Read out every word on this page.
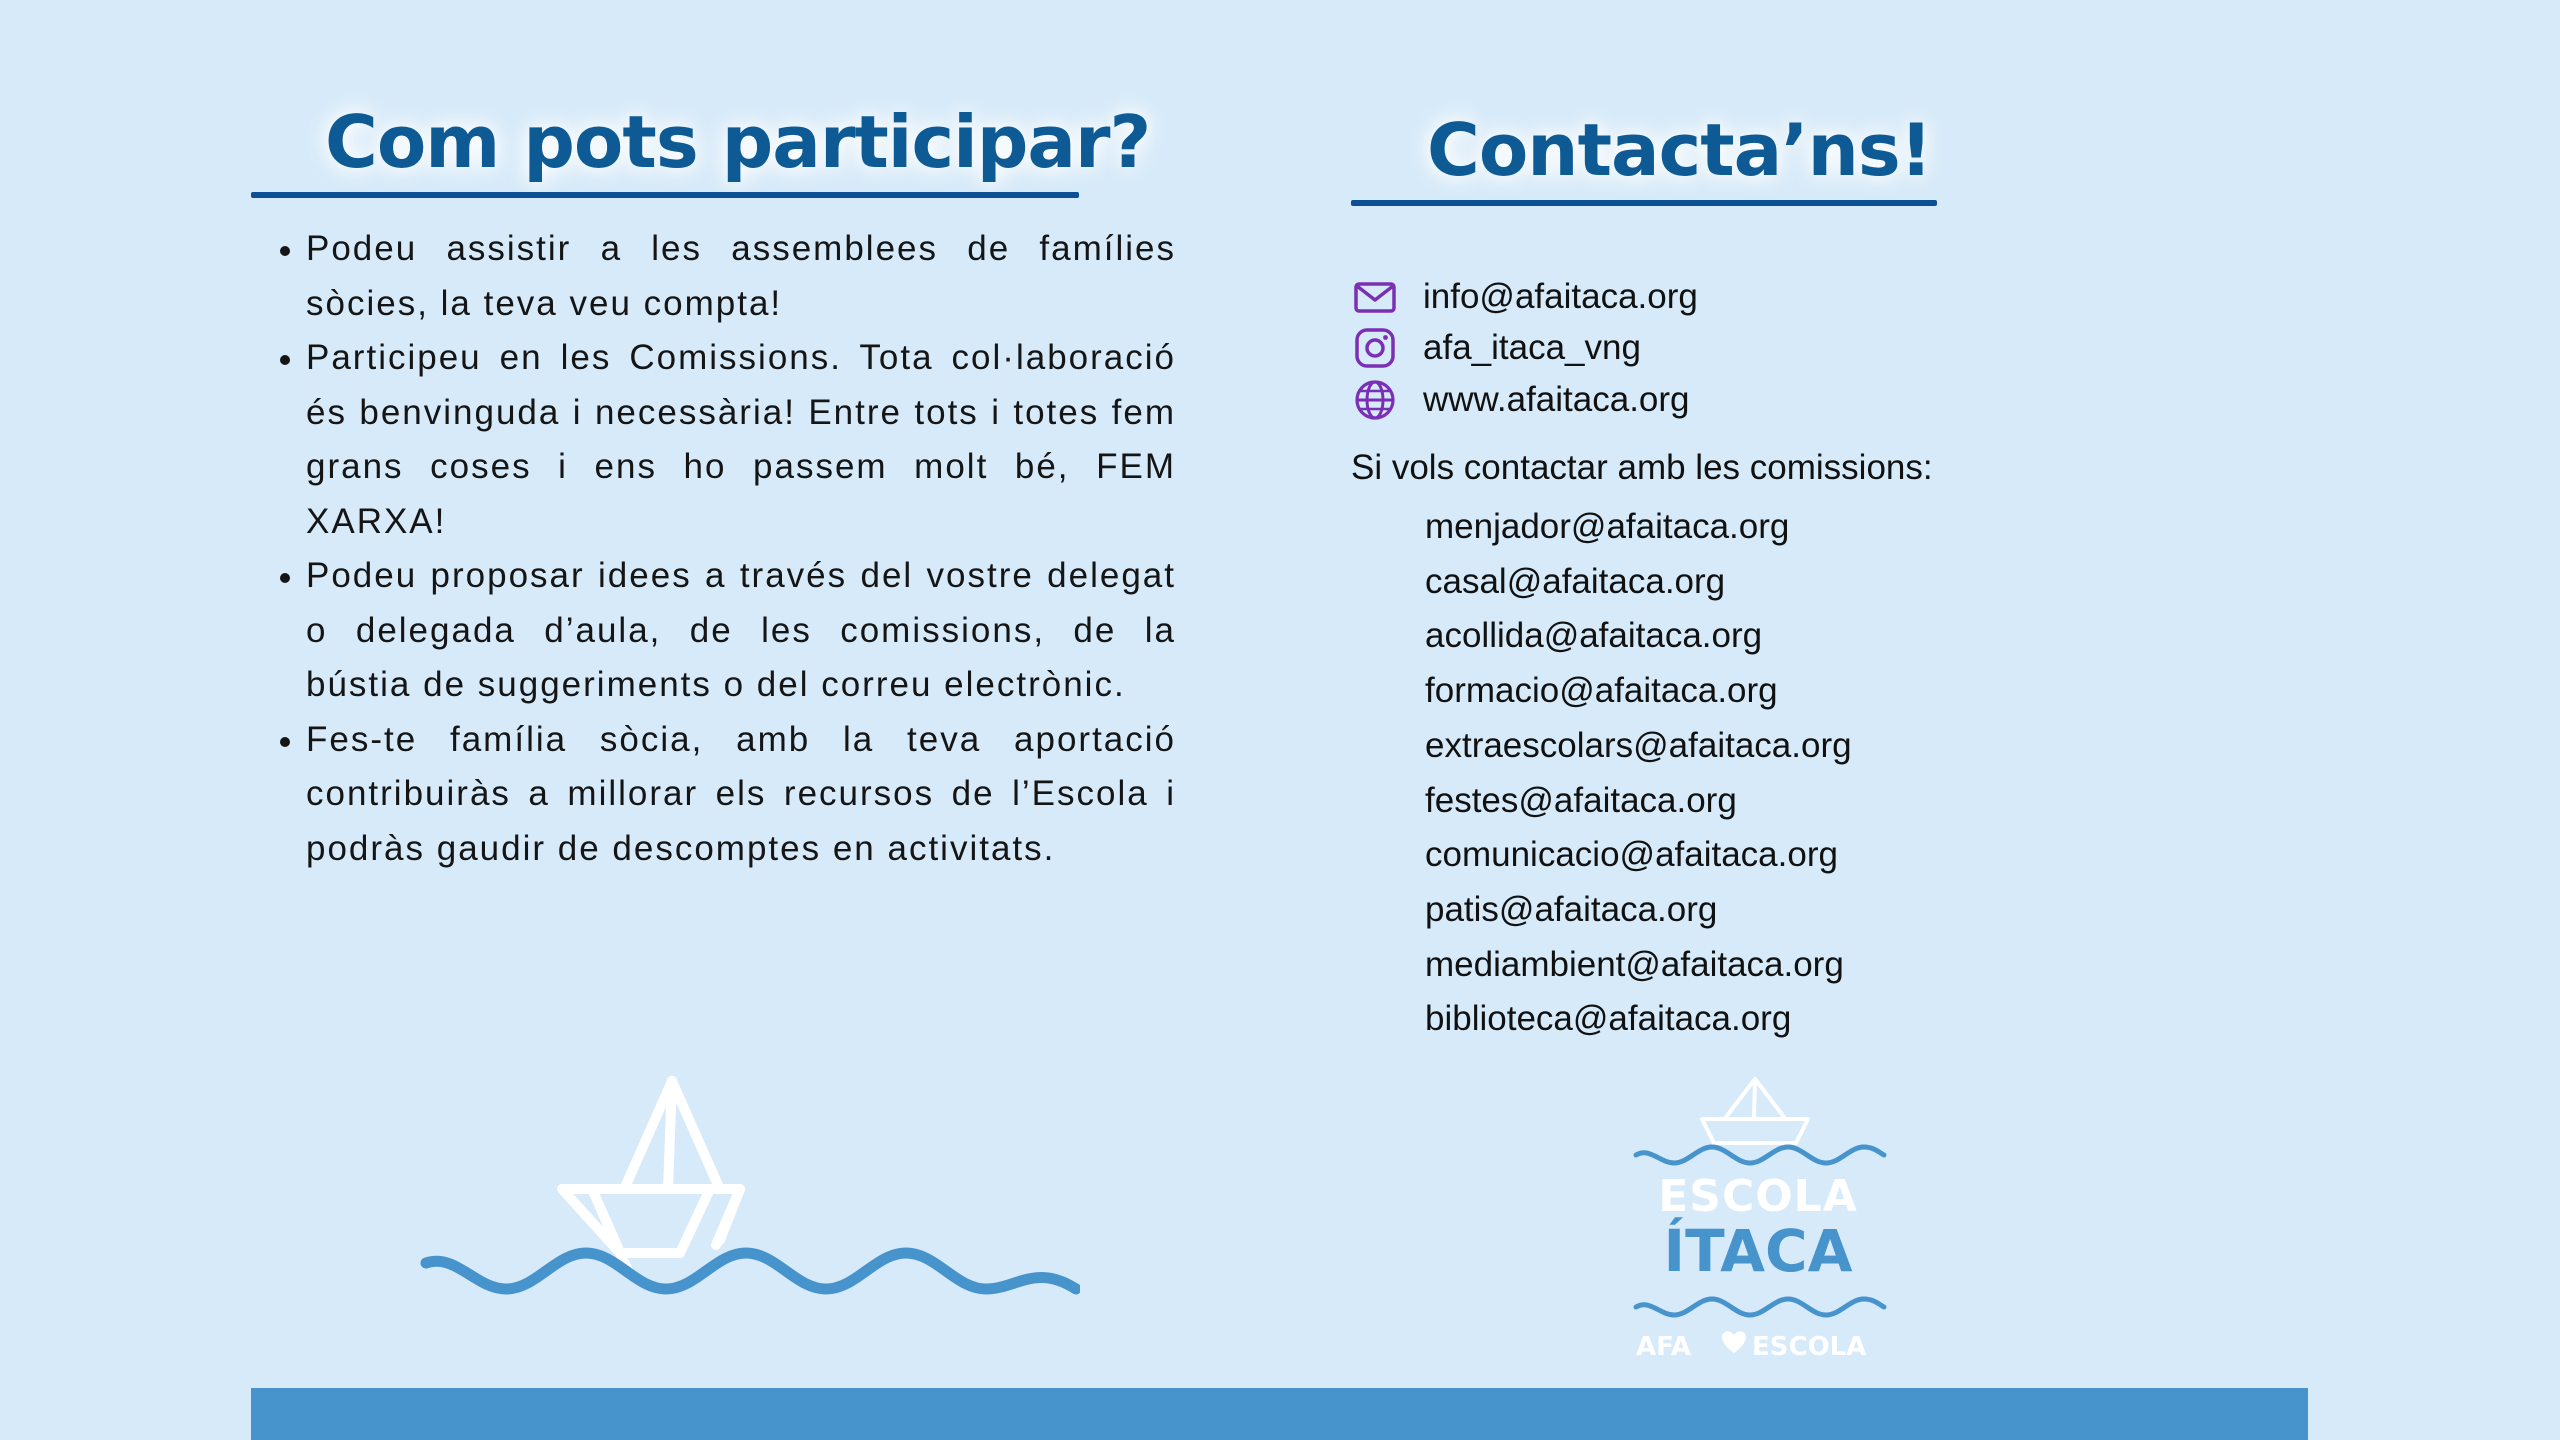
Com pots participar?
• Podeu assistir a les assemblees de famílies sòcies, la teva veu compta!
• Participeu en les Comissions. Tota col·laboració és benvinguda i necessària! Entre tots i totes fem grans coses i ens ho passem molt bé, FEM XARXA!
• Podeu proposar idees a través del vostre delegat o delegada d’aula, de les comissions, de la bústia de suggeriments o del correu electrònic.
• Fes-te família sòcia, amb la teva aportació contribuiràs a millorar els recursos de l’Escola i podràs gaudir de descomptes en activitats.
Contacta’ns!
info@afaitaca.org
afa_itaca_vng
www.afaitaca.org
Si vols contactar amb les comissions:
menjador@afaitaca.org
casal@afaitaca.org
acollida@afaitaca.org
formacio@afaitaca.org
extraescolars@afaitaca.org
festes@afaitaca.org
comunicacio@afaitaca.org
patis@afaitaca.org
mediambient@afaitaca.org
biblioteca@afaitaca.org
ESCOLA
ÍTACA
AFA ESCOLA
